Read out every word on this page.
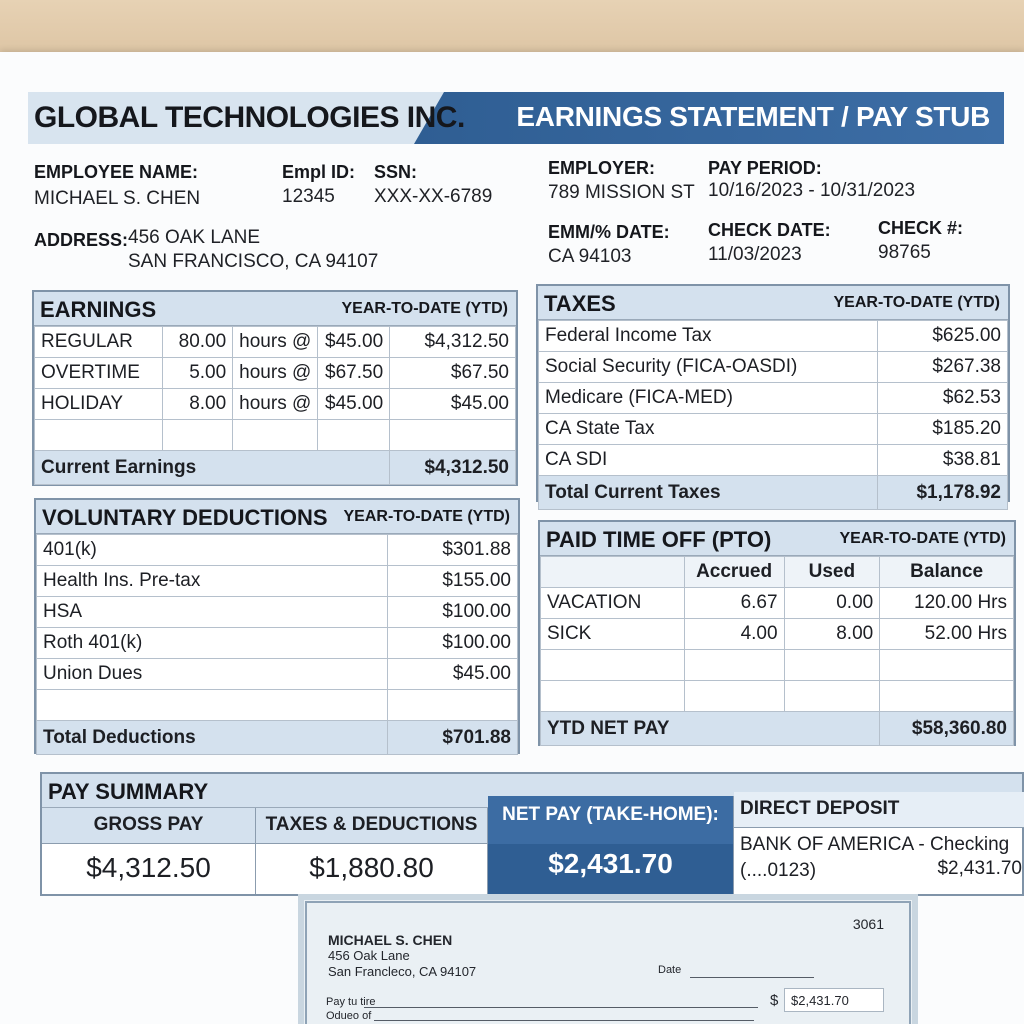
GLOBAL TECHNOLOGIES INC. EARNINGS STATEMENT / PAY STUB
EMPLOYEE NAME:
MICHAEL S. CHEN
Empl ID:
12345
SSN:
XXX-XX-6789
EMPLOYER:
789 MISSION ST
PAY PERIOD:
10/16/2023 - 10/31/2023
ADDRESS: 456 OAK LANE
SAN FRANCISCO, CA 94107
EMM/% DATE:
CA 94103
CHECK DATE:
11/03/2023
CHECK #:
98765
EARNINGS	YEAR-TO-DATE (YTD)
REGULAR	80.00	hours @	$45.00	$4,312.50
OVERTIME	5.00	hours @	$67.50	$67.50
HOLIDAY	8.00	hours @	$45.00	$45.00

Current Earnings				$4,312.50
TAXES	YEAR-TO-DATE (YTD)
Federal Income Tax	$625.00
Social Security (FICA-OASDI)	$267.38
Medicare (FICA-MED)	$62.53
CA State Tax	$185.20
CA SDI	$38.81
Total Current Taxes	$1,178.92
VOLUNTARY DEDUCTIONS YEAR-TO-DATE (YTD)
401(k)	$301.88
Health Ins. Pre-tax	$155.00
HSA	$100.00
Roth 401(k)	$100.00
Union Dues	$45.00

Total Deductions	$701.88
PAID TIME OFF (PTO)	YEAR-TO-DATE (YTD)
	Accrued	Used	Balance
VACATION	6.67	0.00	120.00 Hrs
SICK	4.00	8.00	52.00 Hrs

YTD NET PAY			$58,360.80
PAY SUMMARY
GROSS PAY
$4,312.50
TAXES & DEDUCTIONS
$1,880.80
NET PAY (TAKE-HOME):
$2,431.70
DIRECT DEPOSIT
BANK OF AMERICA - Checking
(....0123)	$2,431.70
3061
MICHAEL S. CHEN
456 Oak Lane
San Francleco, CA 94107	Date
Pay tu tire
Odueo of
$ $2,431.70
